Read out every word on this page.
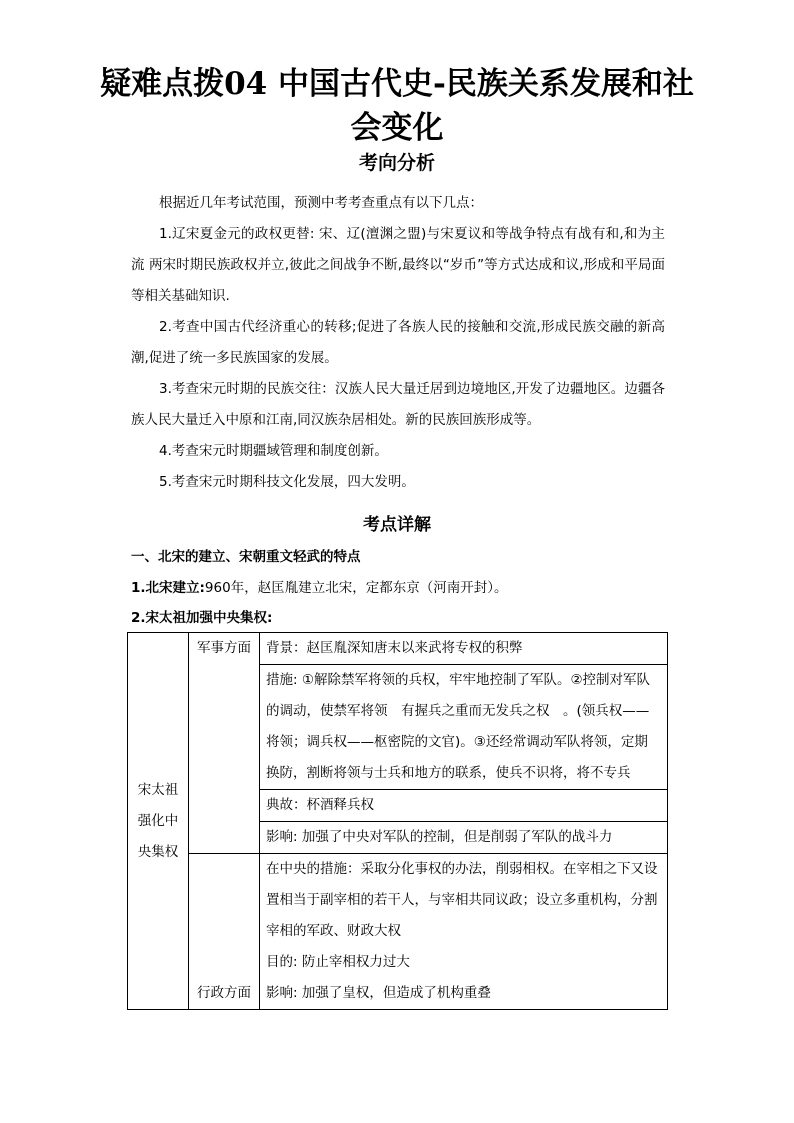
疑难点拨04 中国古代史-民族关系发展和社会变化
考向分析
根据近几年考试范围，预测中考考查重点有以下几点：
1.辽宋夏金元的政权更替: 宋、辽(澶渊之盟)与宋夏议和等战争特点有战有和,和为主流 两宋时期民族政权并立,彼此之间战争不断,最终以“岁币”等方式达成和议,形成和平局面等相关基础知识.
2.考查中国古代经济重心的转移;促进了各族人民的接触和交流,形成民族交融的新高潮,促进了统一多民族国家的发展。
3.考查宋元时期的民族交往：汉族人民大量迁居到边境地区,开发了边疆地区。边疆各族人民大量迁入中原和江南,同汉族杂居相处。新的民族回族形成等。
4.考查宋元时期疆域管理和制度创新。
5.考查宋元时期科技文化发展，四大发明。
考点详解
一、北宋的建立、宋朝重文轻武的特点
1.北宋建立:960年，赵匡胤建立北宋，定都东京（河南开封）。
2.宋太祖加强中央集权:
宋太祖强化中央集权	军事方面	背景：赵匡胤深知唐末以来武将专权的积弊

		措施: ①解除禁军将领的兵权，牢牢地控制了军队。②控制对军队的调动，使禁军将领　有握兵之重而无发兵之权　。(领兵权——将领；调兵权——枢密院的文官)。③还经常调动军队将领，定期换防，割断将领与士兵和地方的联系，使兵不识将，将不专兵

		典故：杯酒释兵权

		影响: 加强了中央对军队的控制，但是削弱了军队的战斗力

	行政方面	在中央的措施：采取分化事权的办法，削弱相权。在宰相之下又设置相当于副宰相的若干人，与宰相共同议政；设立多重机构，分割宰相的军政、财政大权

		目的: 防止宰相权力过大

		影响: 加强了皇权，但造成了机构重叠
